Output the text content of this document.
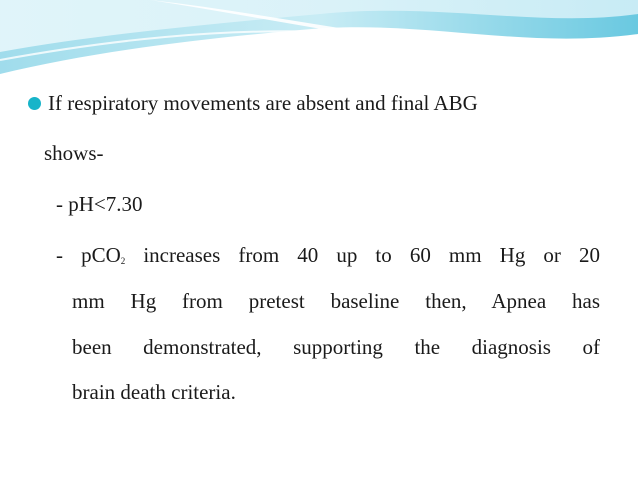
If respiratory movements are absent and final ABG
shows-
- pH<7.30
- pCO$_2$ increases from 40 up to 60 mm Hg or 20
mm Hg from pretest baseline then, Apnea has
been demonstrated, supporting the diagnosis of
brain death criteria.
